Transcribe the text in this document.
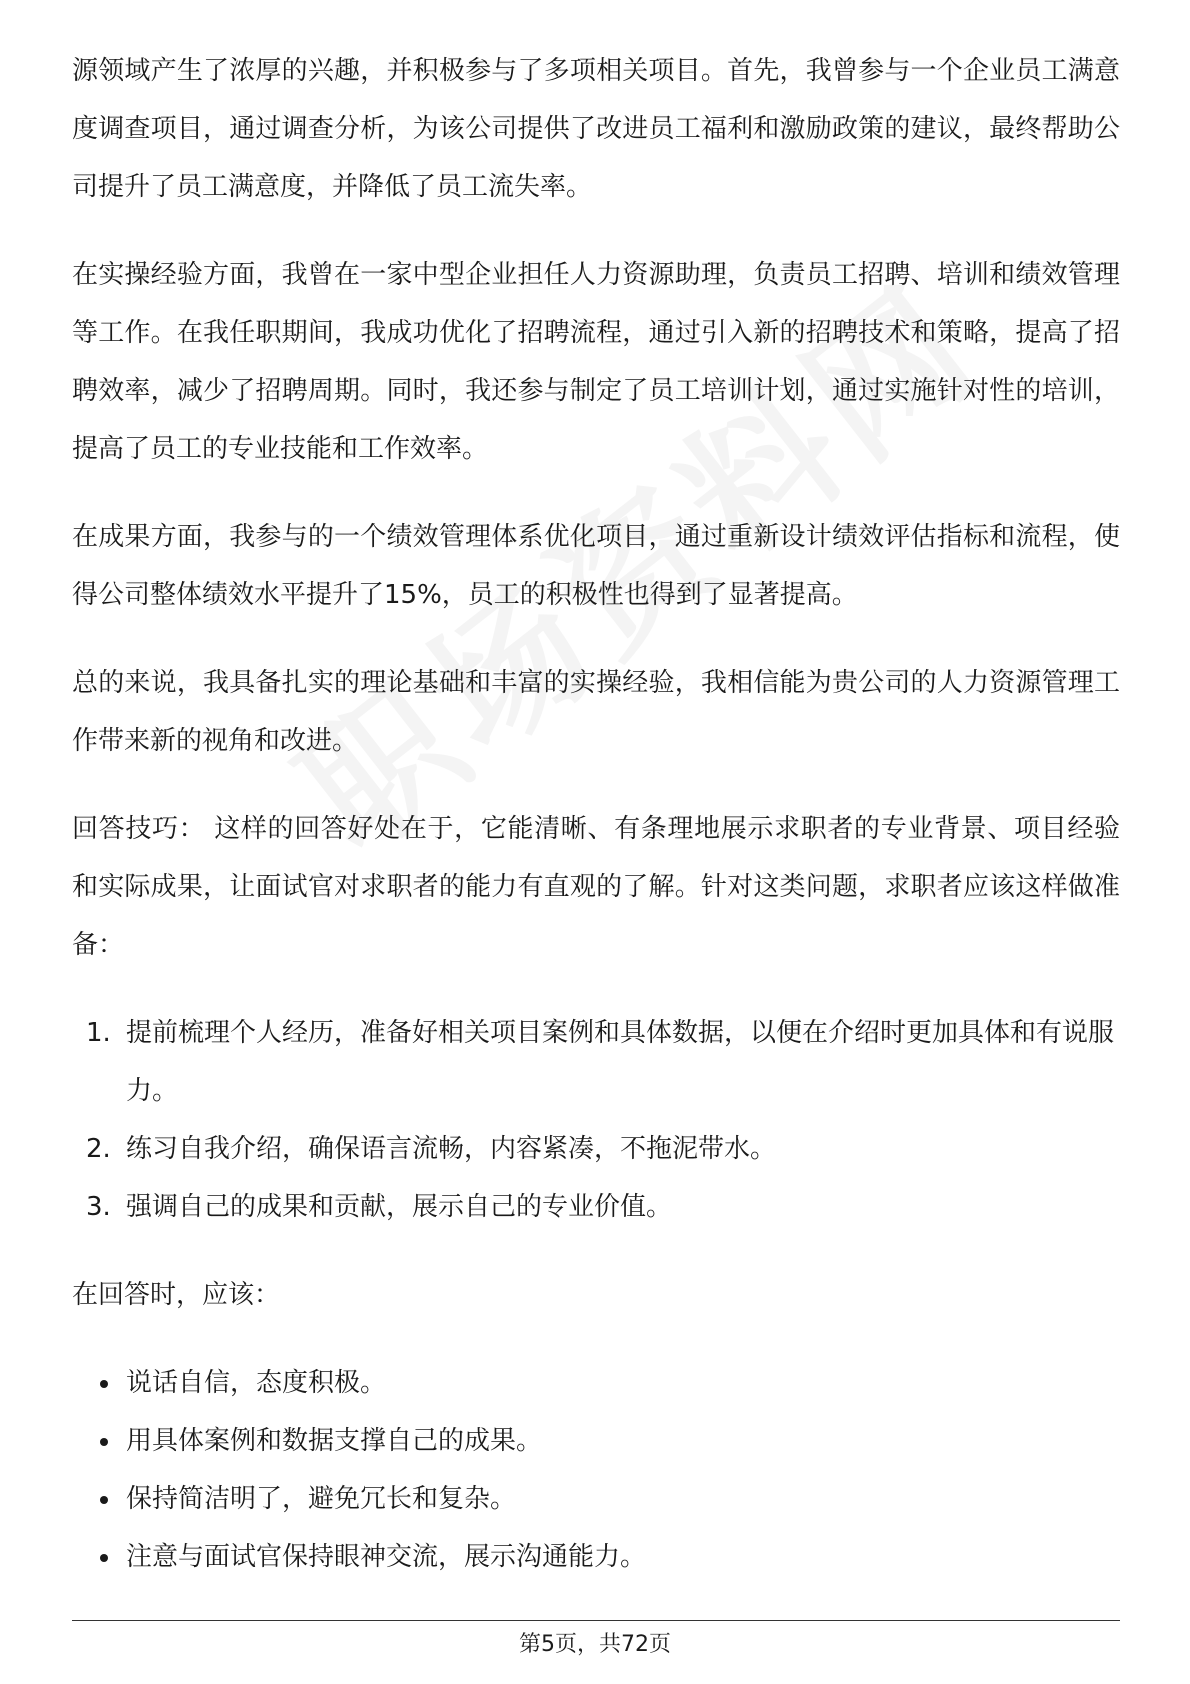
源领域产生了浓厚的兴趣，并积极参与了多项相关项目。首先，我曾参与一个企业员工满意度调查项目，通过调查分析，为该公司提供了改进员工福利和激励政策的建议，最终帮助公司提升了员工满意度，并降低了员工流失率。

在实操经验方面，我曾在一家中型企业担任人力资源助理，负责员工招聘、培训和绩效管理等工作。在我任职期间，我成功优化了招聘流程，通过引入新的招聘技术和策略，提高了招聘效率，减少了招聘周期。同时，我还参与制定了员工培训计划，通过实施针对性的培训，提高了员工的专业技能和工作效率。

在成果方面，我参与的一个绩效管理体系优化项目，通过重新设计绩效评估指标和流程，使得公司整体绩效水平提升了15%，员工的积极性也得到了显著提高。

总的来说，我具备扎实的理论基础和丰富的实操经验，我相信能为贵公司的人力资源管理工作带来新的视角和改进。

回答技巧： 这样的回答好处在于，它能清晰、有条理地展示求职者的专业背景、项目经验和实际成果，让面试官对求职者的能力有直观的了解。针对这类问题，求职者应该这样做准备：

1. 提前梳理个人经历，准备好相关项目案例和具体数据，以便在介绍时更加具体和有说服力。
2. 练习自我介绍，确保语言流畅，内容紧凑，不拖泥带水。
3. 强调自己的成果和贡献，展示自己的专业价值。

在回答时，应该：

说话自信，态度积极。
用具体案例和数据支撑自己的成果。
保持简洁明了，避免冗长和复杂。
注意与面试官保持眼神交流，展示沟通能力。
第5页，共72页
